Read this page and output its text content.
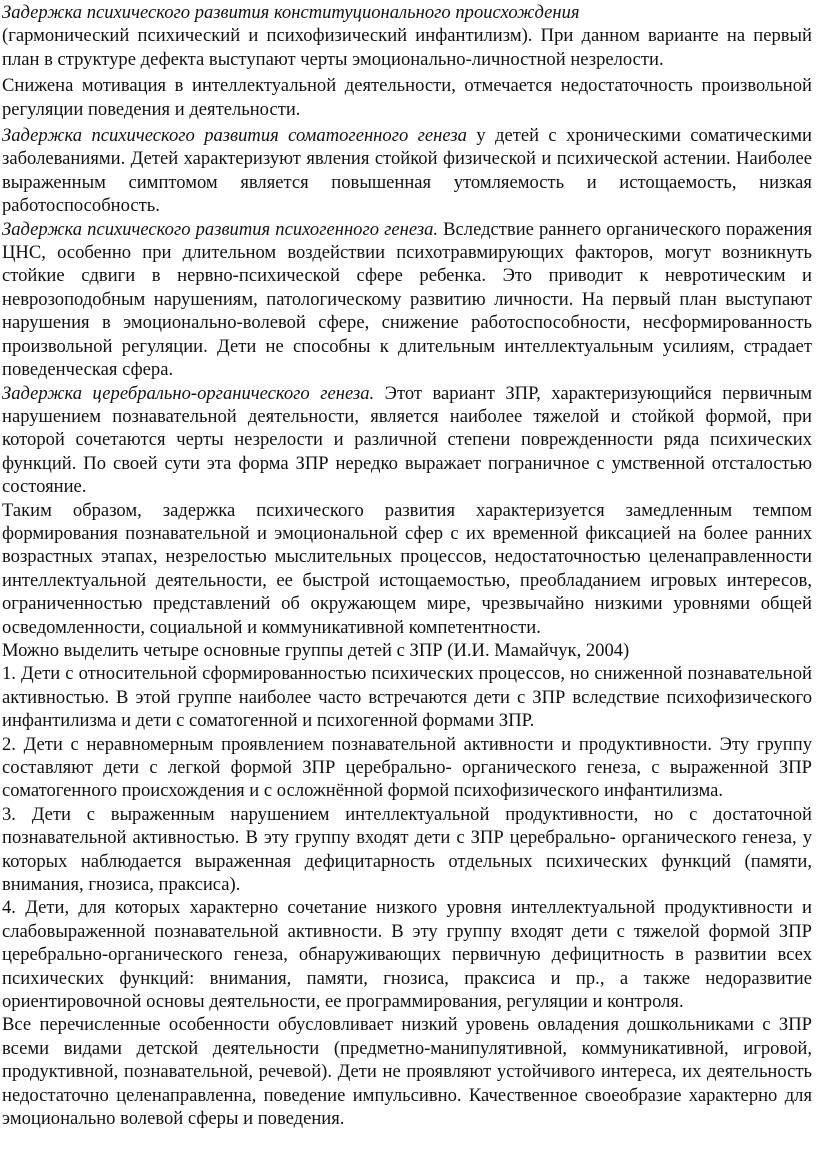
Задержка психического развития конституционального происхождения

(гармонический психический и психофизический инфантилизм). При данном варианте на первый план в структуре дефекта выступают черты эмоционально-личностной незрелости.

Снижена мотивация в интеллектуальной деятельности, отмечается недостаточность произвольной регуляции поведения и деятельности.

Задержка психического развития соматогенного генеза у детей с хроническими соматическими заболеваниями. Детей характеризуют явления стойкой физической и психической астении. Наиболее выраженным симптомом является повышенная утомляемость и истощаемость, низкая работоспособность.

Задержка психического развития психогенного генеза. Вследствие раннего органического поражения ЦНС, особенно при длительном воздействии психотравмирующих факторов, могут возникнуть стойкие сдвиги в нервно-психической сфере ребенка. Это приводит к невротическим и неврозоподобным нарушениям, патологическому развитию личности. На первый план выступают нарушения в эмоционально-волевой сфере, снижение работоспособности, несформированность произвольной регуляции. Дети не способны к длительным интеллектуальным усилиям, страдает поведенческая сфера.

Задержка церебрально-органического генеза. Этот вариант ЗПР, характеризующийся первичным нарушением познавательной деятельности, является наиболее тяжелой и стойкой формой, при которой сочетаются черты незрелости и различной степени поврежденности ряда психических функций. По своей сути эта форма ЗПР нередко выражает пограничное с умственной отсталостью состояние.

Таким образом, задержка психического развития характеризуется замедленным темпом формирования познавательной и эмоциональной сфер с их временной фиксацией на более ранних возрастных этапах, незрелостью мыслительных процессов, недостаточностью целенаправленности интеллектуальной деятельности, ее быстрой истощаемостью, преобладанием игровых интересов, ограниченностью представлений об окружающем мире, чрезвычайно низкими уровнями общей осведомленности, социальной и коммуникативной компетентности.

Можно выделить четыре основные группы детей с ЗПР (И.И. Мамайчук, 2004)

1. Дети с относительной сформированностью психических процессов, но сниженной познавательной активностью. В этой группе наиболее часто встречаются дети с ЗПР вследствие психофизического инфантилизма и дети с соматогенной и психогенной формами ЗПР.

2. Дети с неравномерным проявлением познавательной активности и продуктивности. Эту группу составляют дети с легкой формой ЗПР церебрально- органического генеза, с выраженной ЗПР соматогенного происхождения и с осложнённой формой психофизического инфантилизма.

3. Дети с выраженным нарушением интеллектуальной продуктивности, но с достаточной познавательной активностью. В эту группу входят дети с ЗПР церебрально- органического генеза, у которых наблюдается выраженная дефицитарность отдельных психических функций (памяти, внимания, гнозиса, праксиса).

4. Дети, для которых характерно сочетание низкого уровня интеллектуальной продуктивности и слабовыраженной познавательной активности. В эту группу входят дети с тяжелой формой ЗПР церебрально-органического генеза, обнаруживающих первичную дефицитность в развитии всех психических функций: внимания, памяти, гнозиса, праксиса и пр., а также недоразвитие ориентировочной основы деятельности, ее программирования, регуляции и контроля.

Все перечисленные особенности обусловливает низкий уровень овладения дошкольниками с ЗПР всеми видами детской деятельности (предметно-манипулятивной, коммуникативной, игровой, продуктивной, познавательной, речевой). Дети не проявляют устойчивого интереса, их деятельность недостаточно целенаправленна, поведение импульсивно. Качественное своеобразие характерно для эмоционально волевой сферы и поведения.
